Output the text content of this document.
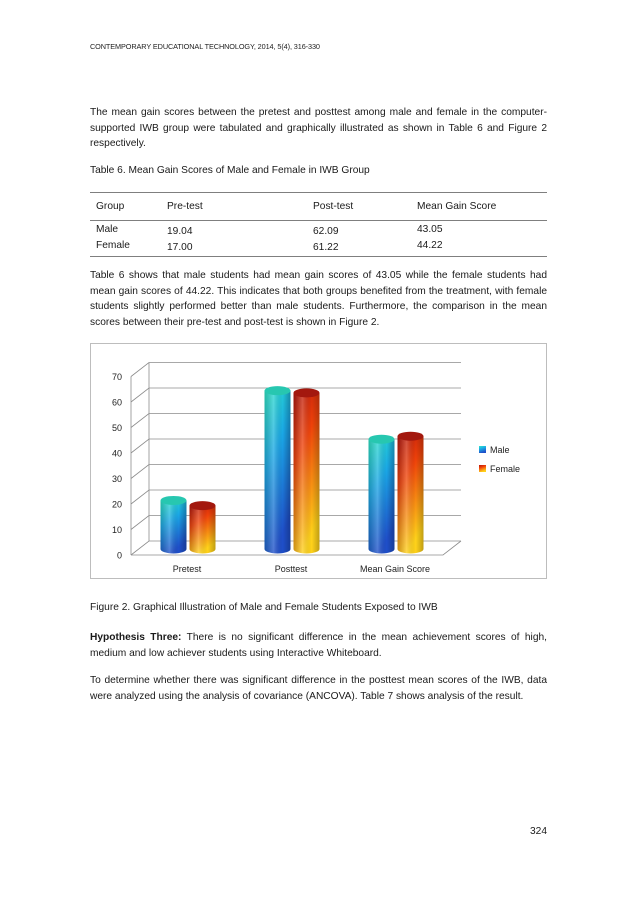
CONTEMPORARY EDUCATIONAL TECHNOLOGY, 2014, 5(4), 316-330

The mean gain scores between the pretest and posttest among male and female in the computer-supported IWB group were tabulated and graphically illustrated as shown in Table 6 and Figure 2 respectively.

Table 6. Mean Gain Scores of Male and Female in IWB Group
Group	Pre-test	Post-test	Mean Gain Score
Male	19.04	62.09	43.05
Female	17.00	61.22	44.22

Table 6 shows that male students had mean gain scores of 43.05 while the female students had mean gain scores of 44.22. This indicates that both groups benefited from the treatment, with female students slightly performed better than male students. Furthermore, the comparison in the mean scores between their pre-test and post-test is shown in Figure 2.

0
10
20
30
40
50
60
70
Pretest	Posttest	Mean Gain Score
Male
Female
Figure 2. Graphical Illustration of Male and Female Students Exposed to IWB

Hypothesis Three: There is no significant difference in the mean achievement scores of high, medium and low achiever students using Interactive Whiteboard.

To determine whether there was significant difference in the posttest mean scores of the IWB, data were analyzed using the analysis of covariance (ANCOVA). Table 7 shows analysis of the result.

324
